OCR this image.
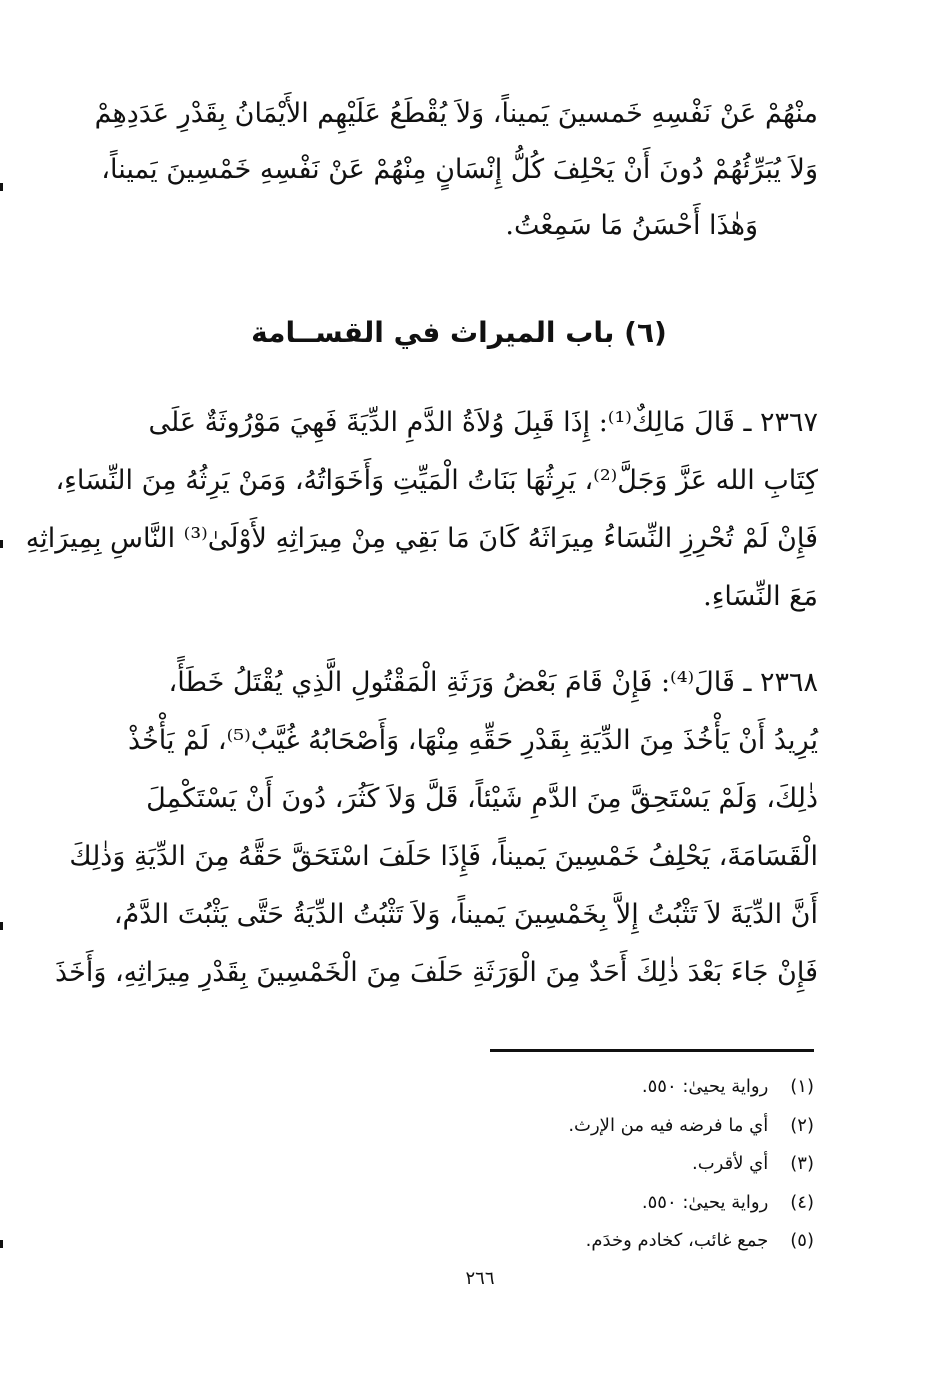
منْهُمْ عَنْ نَفْسِهِ خَمسينَ يَميناً، وَلاَ يُقْطَعُ عَلَيْهِم الأَيْمَانُ بِقَدْرِ عَدَدِهِمْ
وَلاَ يُبَرِّئُهُمْ دُونَ أَنْ يَحْلِفَ كُلُّ إِنْسَانٍ مِنْهُمْ عَنْ نَفْسِهِ خَمْسِينَ يَميناً،
وَهٰذَا أَحْسَنُ مَا سَمِعْتُ.
(٦) باب الميراث في القســامة
٢٣٦٧ ـ قَالَ مَالِكٌ⁽¹⁾: إِذَا قَبِلَ وُلاَةُ الدَّمِ الدِّيَةَ فَهِيَ مَوْرُوثَةٌ عَلَى
كِتَابِ الله عَزَّ وَجَلَّ⁽²⁾، يَرِثُهَا بَنَاتُ الْمَيِّتِ وَأَخَوَاتُهُ، وَمَنْ يَرِثُهُ مِنَ النِّسَاءِ،
فَإِنْ لَمْ تُحْرِزِ النِّسَاءُ مِيرَاثَهُ كَانَ مَا بَقِي مِنْ مِيرَاثِهِ لأَوْلَىٰ⁽³⁾ النَّاسِ بِمِيرَاثِهِ
مَعَ النِّسَاءِ.
٢٣٦٨ ـ قَالَ⁽⁴⁾: فَإِنْ قَامَ بَعْضُ وَرَثَةِ الْمَقْتُولِ الَّذِي يُقْتَلُ خَطَأً،
يُرِيدُ أَنْ يَأْخُذَ مِنَ الدِّيَةِ بِقَدْرِ حَقِّهِ مِنْهَا، وَأَصْحَابُهُ غُيَّبٌ⁽⁵⁾، لَمْ يَأْخُذْ
ذٰلِكَ، وَلَمْ يَسْتَحِقَّ مِنَ الدَّمِ شَيْئاً، قَلَّ وَلاَ كَثُرَ، دُونَ أَنْ يَسْتَكْمِلَ
الْقَسَامَةَ، يَحْلِفُ خَمْسِينَ يَميناً، فَإِذَا حَلَفَ اسْتَحَقَّ حَقَّهُ مِنَ الدِّيَةِ وَذٰلِكَ
أَنَّ الدِّيَةَ لاَ تَثْبُتُ إِلاَّ بِخَمْسِينَ يَميناً، وَلاَ تَثْبُتُ الدِّيَةُ حَتَّى يَثْبُتَ الدَّمُ،
فَإِنْ جَاءَ بَعْدَ ذٰلِكَ أَحَدٌ مِنَ الْوَرَثَةِ حَلَفَ مِنَ الْخَمْسِينَ بِقَدْرِ مِيرَاثِهِ، وَأَخَذَ
(١)رواية يحيىٰ: ٥٥٠.
(٢)أي ما فرضه فيه من الإرث.
(٣)أي لأقرب.
(٤)رواية يحيىٰ: ٥٥٠.
(٥)جمع غائب، كخادم وخدَم.
٢٦٦
